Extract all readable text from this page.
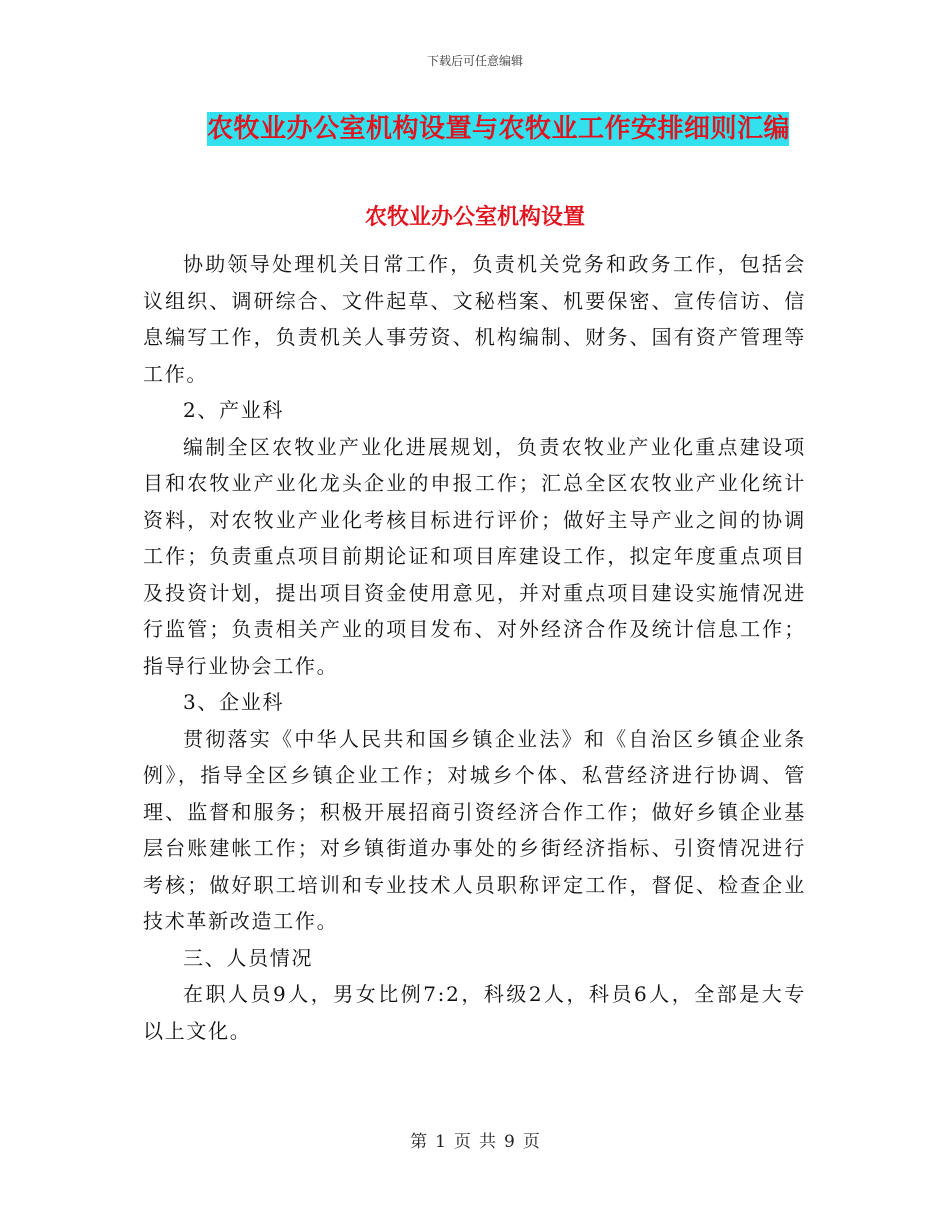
下载后可任意编辑
农牧业办公室机构设置与农牧业工作安排细则汇编
农牧业办公室机构设置

协助领导处理机关日常工作，负责机关党务和政务工作，包括会议组织、调研综合、文件起草、文秘档案、机要保密、宣传信访、信息编写工作，负责机关人事劳资、机构编制、财务、国有资产管理等工作。

2、产业科

编制全区农牧业产业化进展规划，负责农牧业产业化重点建设项目和农牧业产业化龙头企业的申报工作；汇总全区农牧业产业化统计资料，对农牧业产业化考核目标进行评价；做好主导产业之间的协调工作；负责重点项目前期论证和项目库建设工作，拟定年度重点项目及投资计划，提出项目资金使用意见，并对重点项目建设实施情况进行监管；负责相关产业的项目发布、对外经济合作及统计信息工作；指导行业协会工作。

3、企业科

贯彻落实《中华人民共和国乡镇企业法》和《自治区乡镇企业条例》，指导全区乡镇企业工作；对城乡个体、私营经济进行协调、管理、监督和服务；积极开展招商引资经济合作工作；做好乡镇企业基层台账建帐工作；对乡镇街道办事处的乡街经济指标、引资情况进行考核；做好职工培训和专业技术人员职称评定工作，督促、检查企业技术革新改造工作。

三、人员情况

在职人员9人，男女比例7:2，科级2人，科员6人，全部是大专以上文化。

第 1 页 共 9 页
